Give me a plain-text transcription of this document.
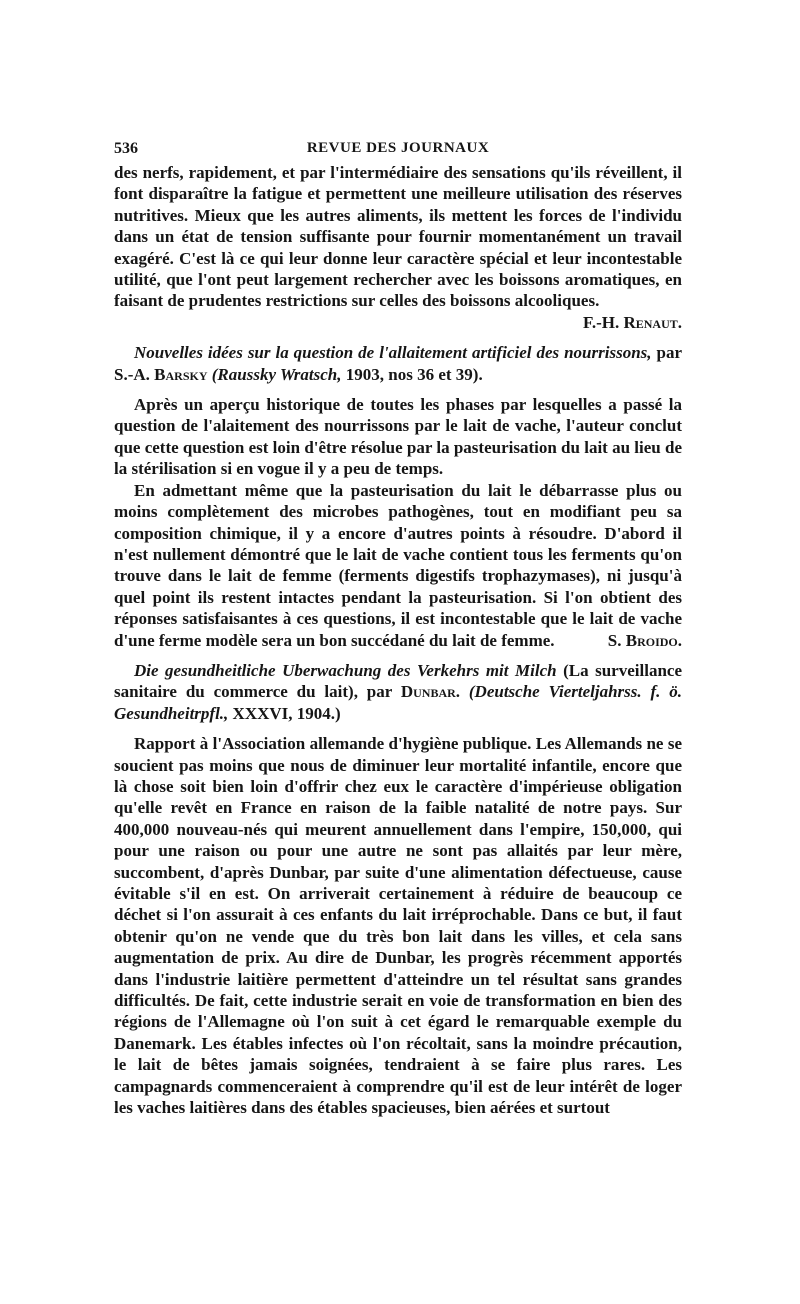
536	REVUE DES JOURNAUX

des nerfs, rapidement, et par l'intermédiaire des sensations qu'ils réveillent, il font disparaître la fatigue et permettent une meilleure utilisation des réserves nutritives. Mieux que les autres aliments, ils mettent les forces de l'individu dans un état de tension suffisante pour fournir momentanément un travail exagéré. C'est là ce qui leur donne leur caractère spécial et leur incontestable utilité, que l'ont peut largement rechercher avec les boissons aromatiques, en faisant de prudentes restrictions sur celles des boissons alcooliques.
F.-H. Renaut.

Nouvelles idées sur la question de l'allaitement artificiel des nourrissons, par S.-A. Barsky (Raussky Wratsch, 1903, nos 36 et 39).

Après un aperçu historique de toutes les phases par lesquelles a passé la question de l'alaitement des nourrissons par le lait de vache, l'auteur conclut que cette question est loin d'être résolue par la pasteurisation du lait au lieu de la stérilisation si en vogue il y a peu de temps.

En admettant même que la pasteurisation du lait le débarrasse plus ou moins complètement des microbes pathogènes, tout en modifiant peu sa composition chimique, il y a encore d'autres points à résoudre. D'abord il n'est nullement démontré que le lait de vache contient tous les ferments qu'on trouve dans le lait de femme (ferments digestifs trophazymases), ni jusqu'à quel point ils restent intactes pendant la pasteurisation. Si l'on obtient des réponses satisfaisantes à ces questions, il est incontestable que le lait de vache d'une ferme modèle sera un bon succédané du lait de femme.	S. Broido.

Die gesundheitliche Uberwachung des Verkehrs mit Milch (La surveillance sanitaire du commerce du lait), par Dunbar. (Deutsche Vierteljahrss. f. ö. Gesundheitrpfl., XXXVI, 1904.)

Rapport à l'Association allemande d'hygiène publique. Les Allemands ne se soucient pas moins que nous de diminuer leur mortalité infantile, encore que là chose soit bien loin d'offrir chez eux le caractère d'impérieuse obligation qu'elle revêt en France en raison de la faible natalité de notre pays. Sur 400,000 nouveau-nés qui meurent annuellement dans l'empire, 150,000, qui pour une raison ou pour une autre ne sont pas allaités par leur mère, succombent, d'après Dunbar, par suite d'une alimentation défectueuse, cause évitable s'il en est. On arriverait certainement à réduire de beaucoup ce déchet si l'on assurait à ces enfants du lait irréprochable. Dans ce but, il faut obtenir qu'on ne vende que du très bon lait dans les villes, et cela sans augmentation de prix. Au dire de Dunbar, les progrès récemment apportés dans l'industrie laitière permettent d'atteindre un tel résultat sans grandes difficultés. De fait, cette industrie serait en voie de transformation en bien des régions de l'Allemagne où l'on suit à cet égard le remarquable exemple du Danemark. Les étables infectes où l'on récoltait, sans la moindre précaution, le lait de bêtes jamais soignées, tendraient à se faire plus rares. Les campagnards commenceraient à comprendre qu'il est de leur intérêt de loger les vaches laitières dans des étables spacieuses, bien aérées et surtout
